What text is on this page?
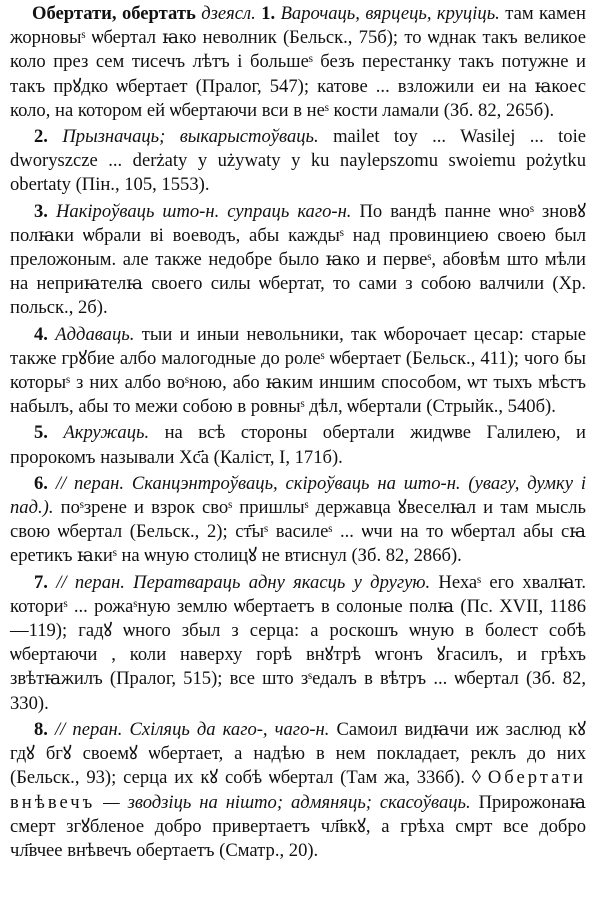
Обертати, обертать дзеясл. 1. Варочаць, вярцець, круціць. там камен жорновыˢ ѡбертал ꙗко неволник (Бельск., 75б); то ѡднак такъ великое коло през сем тисечъ лѣтъ і большеˢ безъ перестанку такъ потужне и такъ прꙋдко ѡбертает (Пралог, 547); катове ... взложили еи на ꙗкоес коло, на котором ей ѡбертаючи вси в неˢ кости ламали (Зб. 82, 265б).

2. Прызначаць; выкарыстоўваць. mailet toy ... Wasilej ... toie dworyszcze ... derżaty y używaty y ku naylepszomu swoiemu pożytku obertaty (Пін., 105, 1553).

3. Накіроўваць што-н. супраць каго-н. По вандѣ панне ѡноˢ зновꙋ полꙗки ѡбрали ві воеводъ, абы каждыˢ над провинциею своею был преложоным. але также недобре было ꙗко и первеˢ, абовѣм што мѣли на неприꙗтелꙗ своего силы ѡбертат, то сами з собою валчили (Хр. польск., 2б).

4. Аддаваць. тыи и иныи невольники, так ѡборочает цесар: старые также грꙋбие албо малогодные до ролеˢ ѡбертает (Бельск., 411); чого бы которыˢ з них албо воˢною, або ꙗким иншим способом, ѡт тыхъ мѣстъ набылъ, абы то межи собою в ровныˢ дѣл, ѡбертали (Стрыйк., 540б).

5. Акружаць. на всѣ стороны обертали жидѡве Галилею, и пророкомъ называли Хс҃а (Каліст, I, 171б).

6. // перан. Сканцэнтроўваць, скіроўваць на што-н. (увагу, думку і пад.). поˢзрене и взрок своˢ пришлыˢ державца ꙋвеселꙗл и там мысль свою ѡбертал (Бельск., 2); ст҃ыˢ василеˢ ... ѡчи на то ѡбертал абы сꙗ еретикъ ꙗкиˢ на ѡную столицꙋ не втиснул (Зб. 82, 286б).

7. // перан. Ператвараць адну якасць у другую. Нехаˢ его хвалꙗт. коториˢ ... рожаˢную землю ѡбертаетъ в солоные полꙗ (Пс. XVII, 1186—119); гадꙋ ѡного збыл з серца: а роскошъ ѡную в болест собѣ ѡбертаючи , коли наверху горѣ внꙋтрѣ ѡгонъ ꙋгасилъ, и грѣхъ звѣтꙗжилъ (Пралог, 515); все што зˢедалъ в вѣтръ ... ѡбертал (Зб. 82, 330).

8. // перан. Схіляць да каго-, чаго-н. Самоил видꙗчи иж заслюд кꙋ гдꙋ бгꙋ своемꙋ ѡбертает, а надѣю в нем покладает, реклъ до них (Бельск., 93); серца их кꙋ собѣ ѡбертал (Там жа, 336б). ◊ Обертати внѣвечъ — зводзіць на нішто; адмяняць; скасоўваць. Прирожонаꙗ смерт згꙋбленое добро привертаетъ чл҃вкꙋ, а грѣха смрт все добро чл҃вчее внѣвечъ обертаетъ (Сматр., 20).
